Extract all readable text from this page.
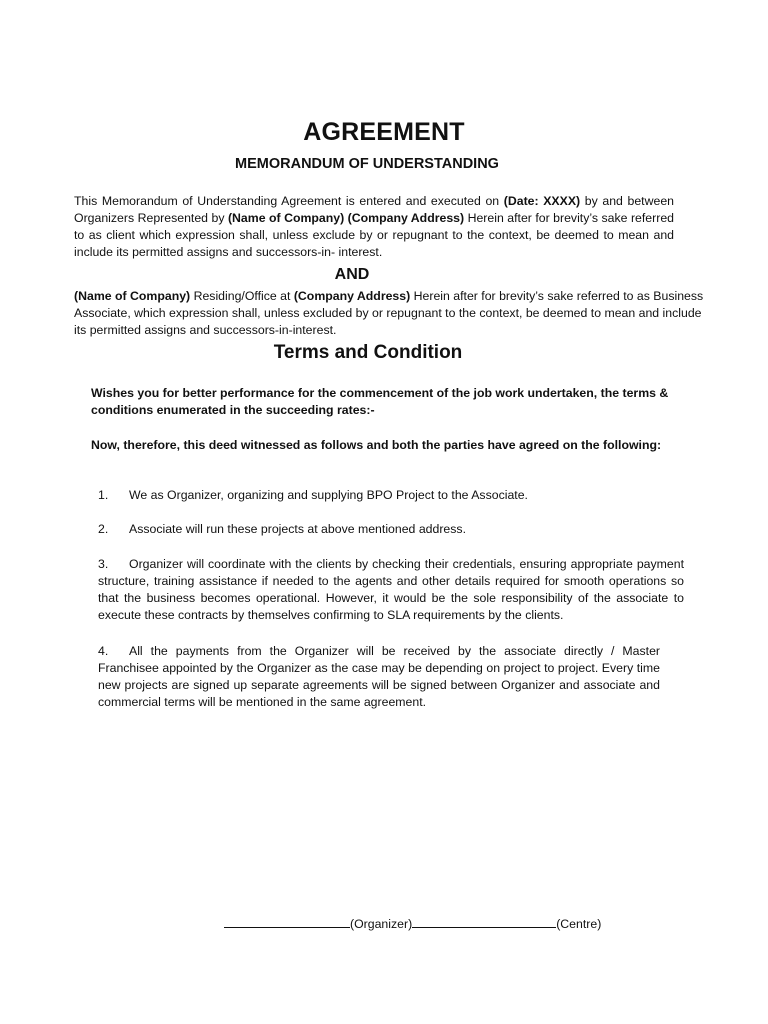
AGREEMENT
MEMORANDUM OF UNDERSTANDING

This Memorandum of Understanding Agreement is entered and executed on (Date: XXXX) by and between Organizers Represented by (Name of Company) (Company Address) Herein after for brevity’s sake referred to as client which expression shall, unless exclude by or repugnant to the context, be deemed to mean and include its permitted assigns and successors-in- interest.

AND

(Name of Company) Residing/Office at (Company Address) Herein after for brevity’s sake referred to as Business Associate, which expression shall, unless excluded by or repugnant to the context, be deemed to mean and include its permitted assigns and successors-in-interest.

Terms and Condition

Wishes you for better performance for the commencement of the job work undertaken, the terms & conditions enumerated in the succeeding rates:-

Now, therefore, this deed witnessed as follows and both the parties have agreed on the following:

1. We as Organizer, organizing and supplying BPO Project to the Associate.

2. Associate will run these projects at above mentioned address.

3. Organizer will coordinate with the clients by checking their credentials, ensuring appropriate payment structure, training assistance if needed to the agents and other details required for smooth operations so that the business becomes operational. However, it would be the sole responsibility of the associate to execute these contracts by themselves confirming to SLA requirements by the clients.

4. All the payments from the Organizer will be received by the associate directly / Master Franchisee appointed by the Organizer as the case may be depending on project to project. Every time new projects are signed up separate agreements will be signed between Organizer and associate and commercial terms will be mentioned in the same agreement.

(Organizer)	(Centre)
